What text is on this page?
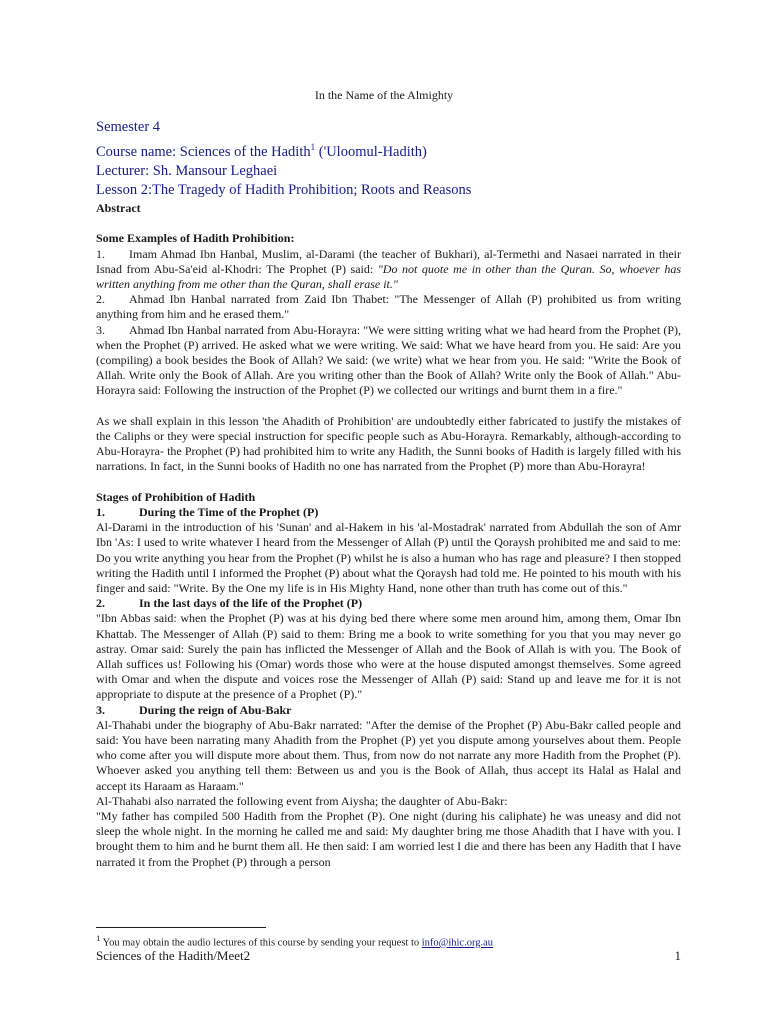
In the Name of the Almighty
Semester 4
Course name: Sciences of the Hadith$^1$ ('Uloomul-Hadith)
Lecturer: Sh. Mansour Leghaei
Lesson 2:The Tragedy of Hadith Prohibition; Roots and Reasons
Abstract
Some Examples of Hadith Prohibition:

1. Imam Ahmad Ibn Hanbal, Muslim, al-Darami (the teacher of Bukhari), al-Termethi and Nasaei narrated in their Isnad from Abu-Sa'eid al-Khodri: The Prophet (P) said: "Do not quote me in other than the Quran. So, whoever has written anything from me other than the Quran, shall erase it."

2. Ahmad Ibn Hanbal narrated from Zaid Ibn Thabet: "The Messenger of Allah (P) prohibited us from writing anything from him and he erased them."

3. Ahmad Ibn Hanbal narrated from Abu-Horayra: "We were sitting writing what we had heard from the Prophet (P), when the Prophet (P) arrived. He asked what we were writing. We said: What we have heard from you. He said: Are you (compiling) a book besides the Book of Allah? We said: (we write) what we hear from you. He said: "Write the Book of Allah. Write only the Book of Allah. Are you writing other than the Book of Allah? Write only the Book of Allah." Abu-Horayra said: Following the instruction of the Prophet (P) we collected our writings and burnt them in a fire."

As we shall explain in this lesson 'the Ahadith of Prohibition' are undoubtedly either fabricated to justify the mistakes of the Caliphs or they were special instruction for specific people such as Abu-Horayra. Remarkably, although-according to Abu-Horayra- the Prophet (P) had prohibited him to write any Hadith, the Sunni books of Hadith is largely filled with his narrations. In fact, in the Sunni books of Hadith no one has narrated from the Prophet (P) more than Abu-Horayra!

Stages of Prohibition of Hadith
1.	During the Time of the Prophet (P)

Al-Darami in the introduction of his 'Sunan' and al-Hakem in his 'al-Mostadrak' narrated from Abdullah the son of Amr Ibn 'As: I used to write whatever I heard from the Messenger of Allah (P) until the Qoraysh prohibited me and said to me: Do you write anything you hear from the Prophet (P) whilst he is also a human who has rage and pleasure? I then stopped writing the Hadith until I informed the Prophet (P) about what the Qoraysh had told me. He pointed to his mouth with his finger and said: "Write. By the One my life is in His Mighty Hand, none other than truth has come out of this."

2.	In the last days of the life of the Prophet (P)

"Ibn Abbas said: when the Prophet (P) was at his dying bed there where some men around him, among them, Omar Ibn Khattab. The Messenger of Allah (P) said to them: Bring me a book to write something for you that you may never go astray. Omar said: Surely the pain has inflicted the Messenger of Allah and the Book of Allah is with you. The Book of Allah suffices us! Following his (Omar) words those who were at the house disputed amongst themselves. Some agreed with Omar and when the dispute and voices rose the Messenger of Allah (P) said: Stand up and leave me for it is not appropriate to dispute at the presence of a Prophet (P)."

3.	During the reign of Abu-Bakr

Al-Thahabi under the biography of Abu-Bakr narrated: "After the demise of the Prophet (P) Abu-Bakr called people and said: You have been narrating many Ahadith from the Prophet (P) yet you dispute among yourselves about them. People who come after you will dispute more about them. Thus, from now do not narrate any more Hadith from the Prophet (P). Whoever asked you anything tell them: Between us and you is the Book of Allah, thus accept its Halal as Halal and accept its Haraam as Haraam."

Al-Thahabi also narrated the following event from Aiysha; the daughter of Abu-Bakr:

"My father has compiled 500 Hadith from the Prophet (P). One night (during his caliphate) he was uneasy and did not sleep the whole night. In the morning he called me and said: My daughter bring me those Ahadith that I have with you. I brought them to him and he burnt them all. He then said: I am worried lest I die and there has been any Hadith that I have narrated it from the Prophet (P) through a person

$^1$ You may obtain the audio lectures of this course by sending your request to info@ihic.org.au
Sciences of the Hadith/Meet2	1
